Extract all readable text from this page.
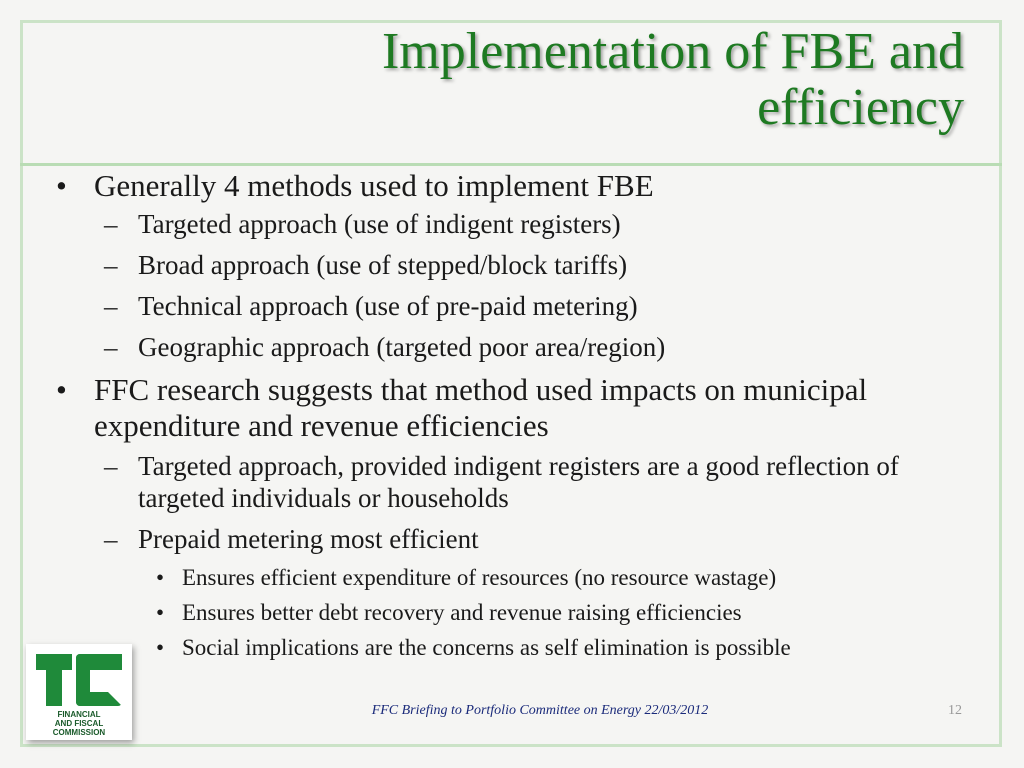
Implementation of FBE and
efficiency
• Generally 4 methods used to implement FBE
– Targeted approach (use of indigent registers)
– Broad approach (use of stepped/block tariffs)
– Technical approach (use of pre-paid metering)
– Geographic approach (targeted poor area/region)
• FFC research suggests that method used impacts on municipal expenditure and revenue efficiencies
– Targeted approach, provided indigent registers are a good reflection of targeted individuals or households
– Prepaid metering most efficient
• Ensures efficient expenditure of resources (no resource wastage)
• Ensures better debt recovery and revenue raising efficiencies
• Social implications are the concerns as self elimination is possible
FINANCIAL
AND FISCAL
COMMISSION
FFC Briefing to Portfolio Committee on Energy 22/03/2012	12
